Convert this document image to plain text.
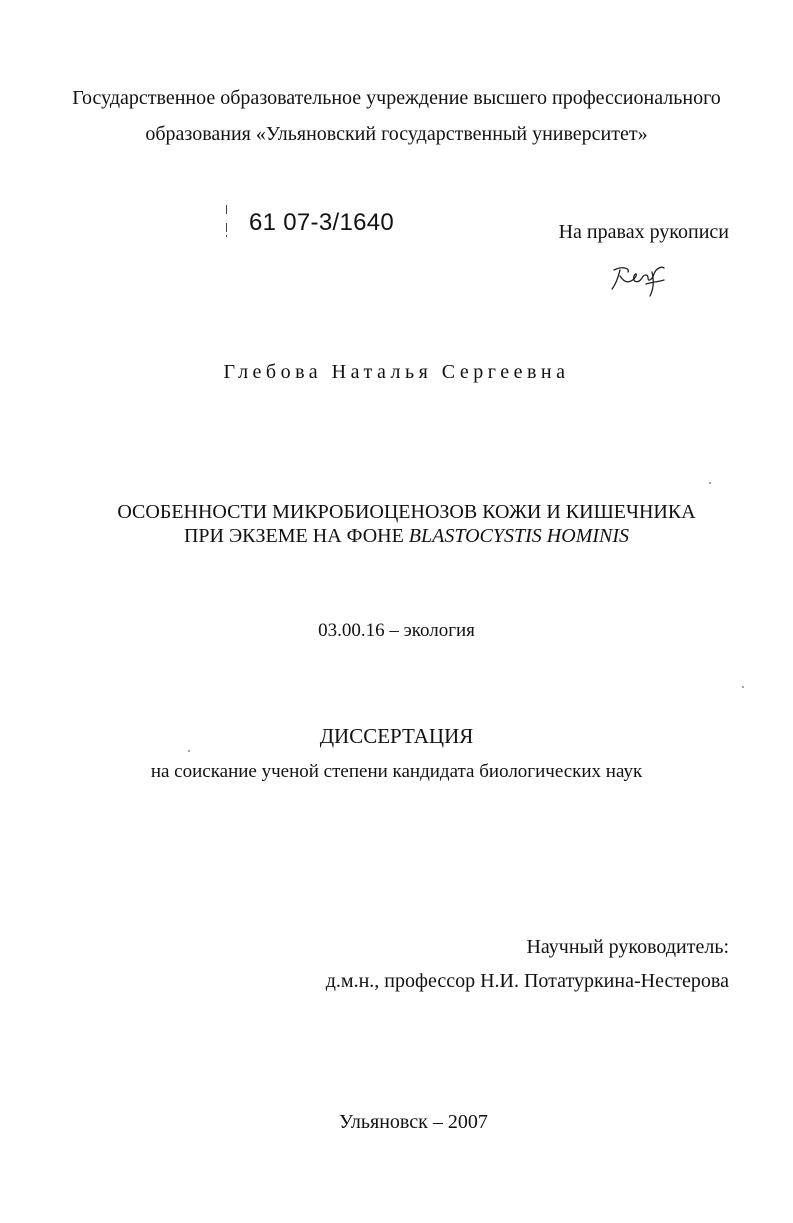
Государственное образовательное учреждение высшего профессионального
образования «Ульяновский государственный университет»
61 07-3/1640	На правах рукописи
Глебова Наталья Сергеевна
ОСОБЕННОСТИ МИКРОБИОЦЕНОЗОВ КОЖИ И КИШЕЧНИКА
ПРИ ЭКЗЕМЕ НА ФОНЕ BLASTOCYSTIS HOMINIS
03.00.16 – экология
ДИССЕРТАЦИЯ
на соискание ученой степени кандидата биологических наук
Научный руководитель:
д.м.н., профессор Н.И. Потатуркина-Нестерова
Ульяновск – 2007
